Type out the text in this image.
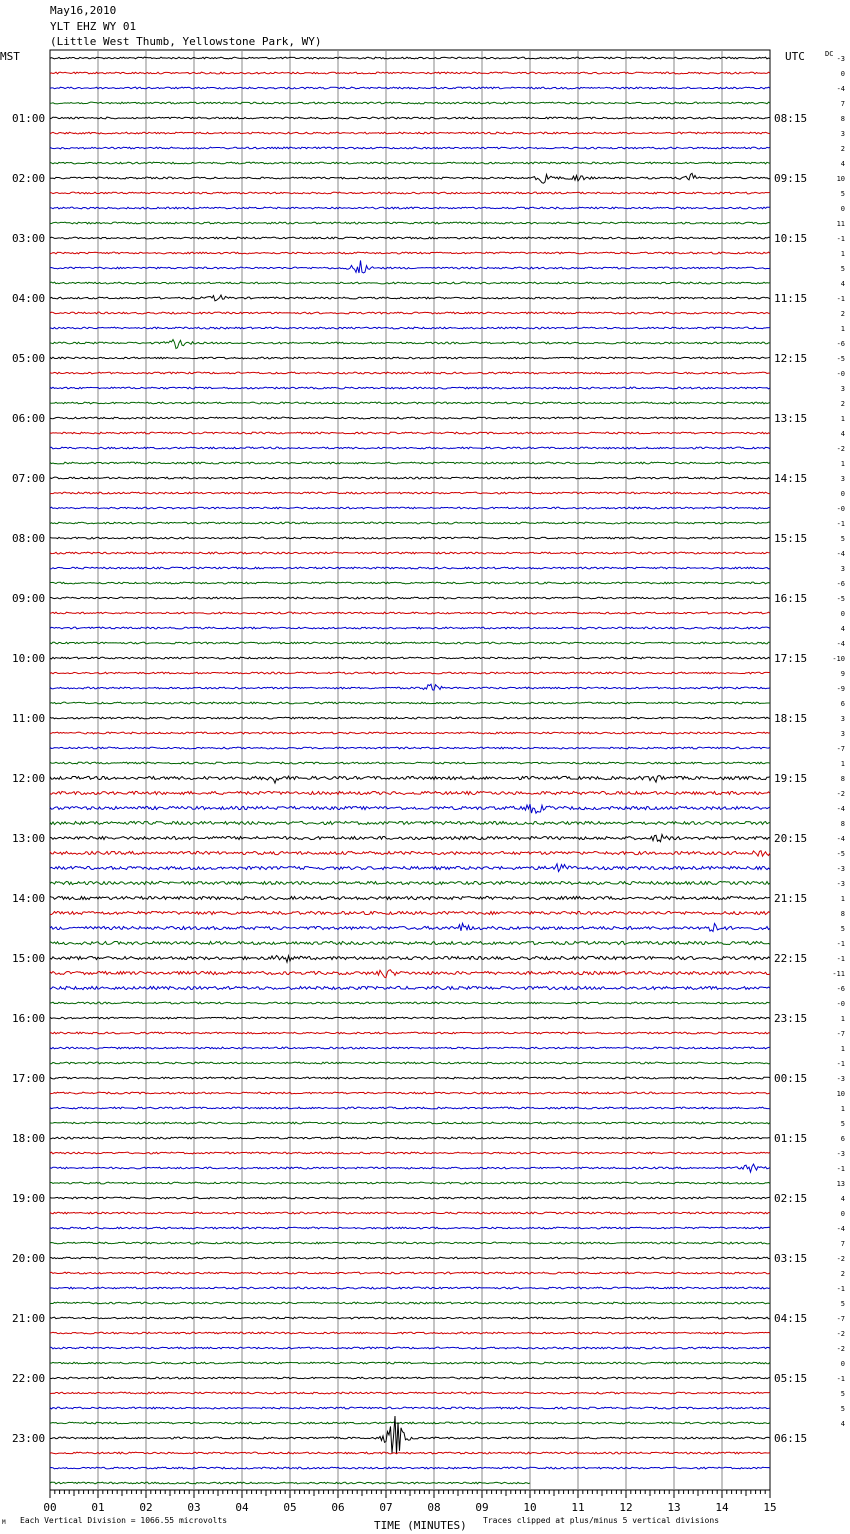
May16,2010
YLT EHZ WY 01
(Little West Thumb, Yellowstone Park, WY)
00	01	02	03	04	05	06	07	08	09	10	11	12	13	14	15
MST	UTC	DC
01:00	08:15
02:00	09:15
03:00	10:15
04:00	11:15
05:00	12:15
06:00	13:15
07:00	14:15
08:00	15:15
09:00	16:15
10:00	17:15
11:00	18:15
12:00	19:15
13:00	20:15
14:00	21:15
15:00	22:15
16:00	23:15
17:00	00:15
18:00	01:15
19:00	02:15
20:00	03:15
21:00	04:15
22:00	05:15
23:00	06:15
-3
0
-4
7
8
3
2
4
10
5
0
11
-1
1
5
4
-1
2
1
-6
-5
-0
3
2
1
4
-2
1
3
0
-0
-1
5
-4
3
-6
-5
0
4
-4
-10
9
-9
6
3
3
-7
1
8
-2
-4
8
-4
-5
-3
-3
1
8
5
-1
-1
-11
-6
-0
1
-7
1
-1
-3
10
1
5
6
-3
-1
13
4
0
-4
7
-2
2
-1
5
-7
-2
-2
0
-1
5
5
4
Each Vertical Division = 1066.55 microvolts	TIME (MINUTES) Traces clipped at plus/minus 5 vertical divisions
M
